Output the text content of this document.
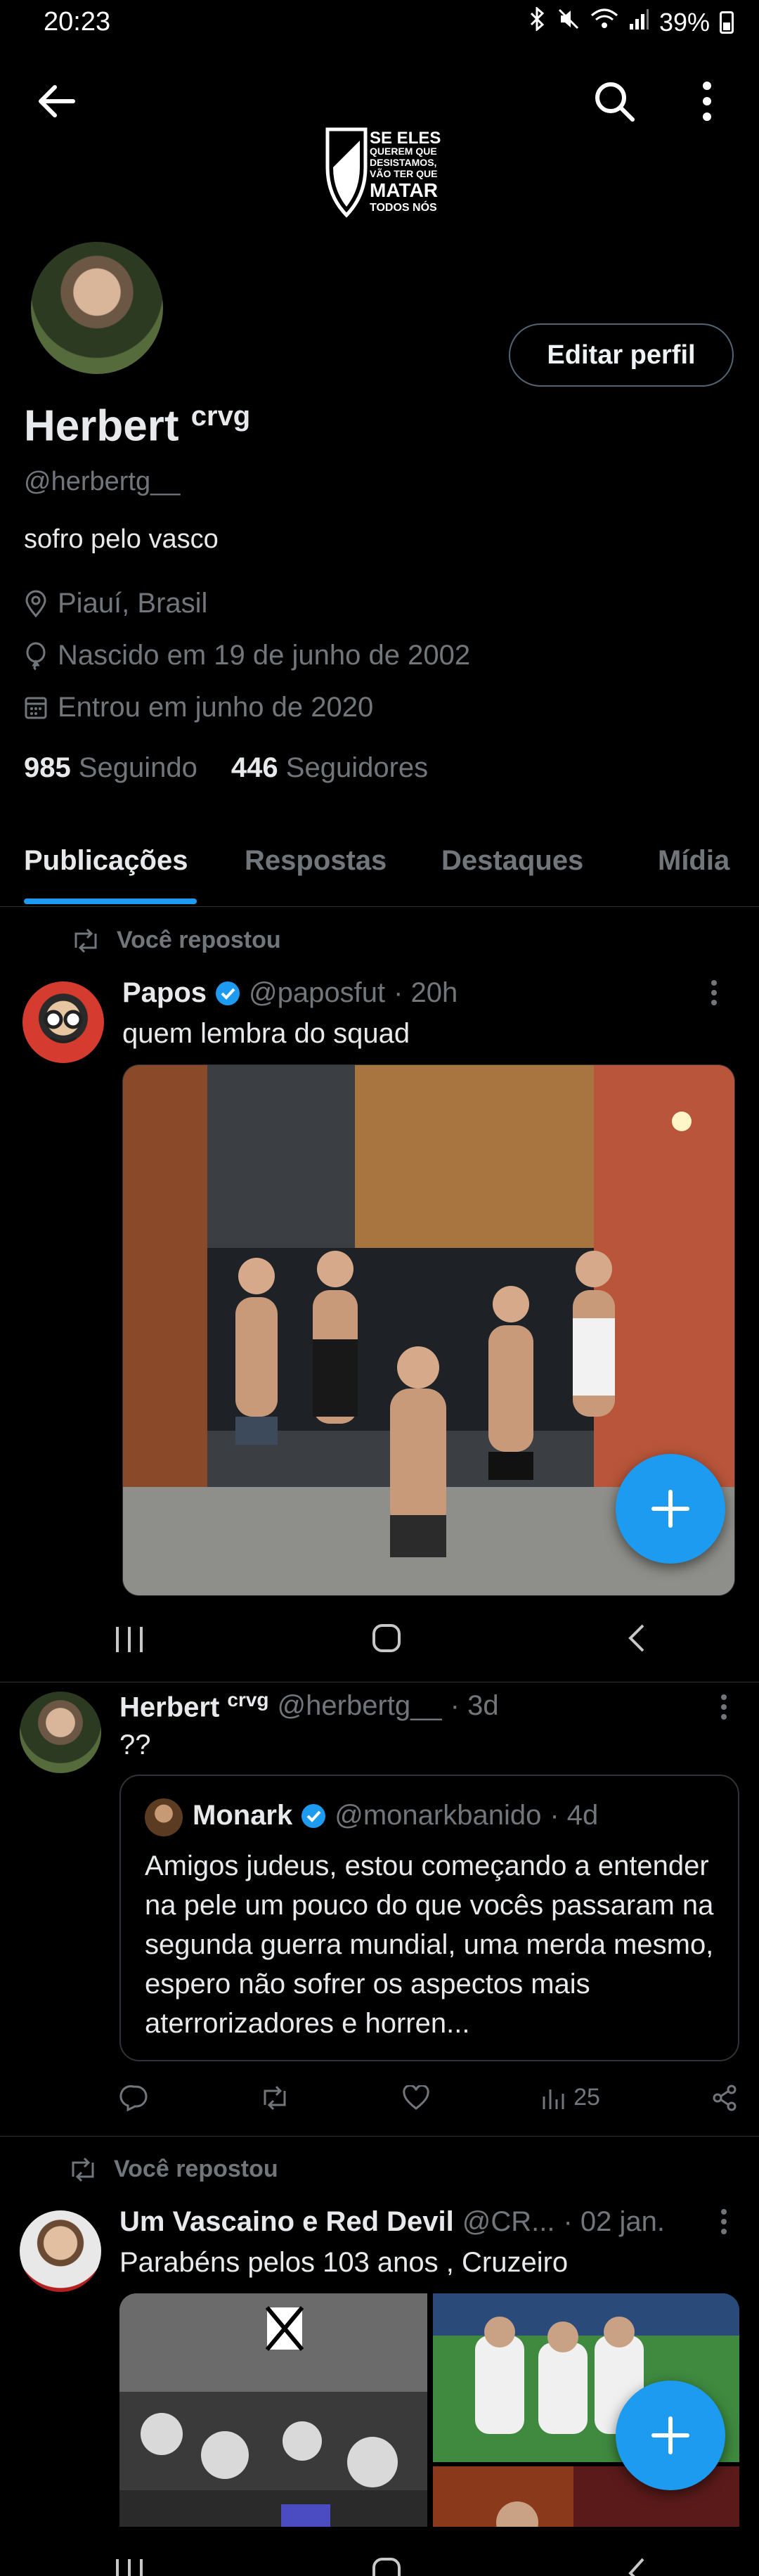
20:23	39%
SE ELES
QUEREM QUE
DESISTAMOS,
VÃO TER QUE
MATAR
TODOS NÓS
Editar perfil
Herbert $^{crvg}$
@herbertg__
sofro pelo vasco
Piauí, Brasil
Nascido em 19 de junho de 2002
Entrou em junho de 2020
985 Seguindo 446 Seguidores
Publicações Respostas Destaques	Mídia
Você repostou
Papos @paposfut · 20h
quem lembra do squad
Herbert $^{crvg}$ @herbertg__ · 3d
??
Monark @monarkbanido · 4d
Amigos judeus, estou começando a entender na pele um pouco do que vocês passaram na segunda guerra mundial, uma merda mesmo, espero não sofrer os aspectos mais aterrorizadores e horren...
25
Você repostou
Um Vascaino e Red Devil @CR... · 02 jan.
Parabéns pelos 103 anos , Cruzeiro
